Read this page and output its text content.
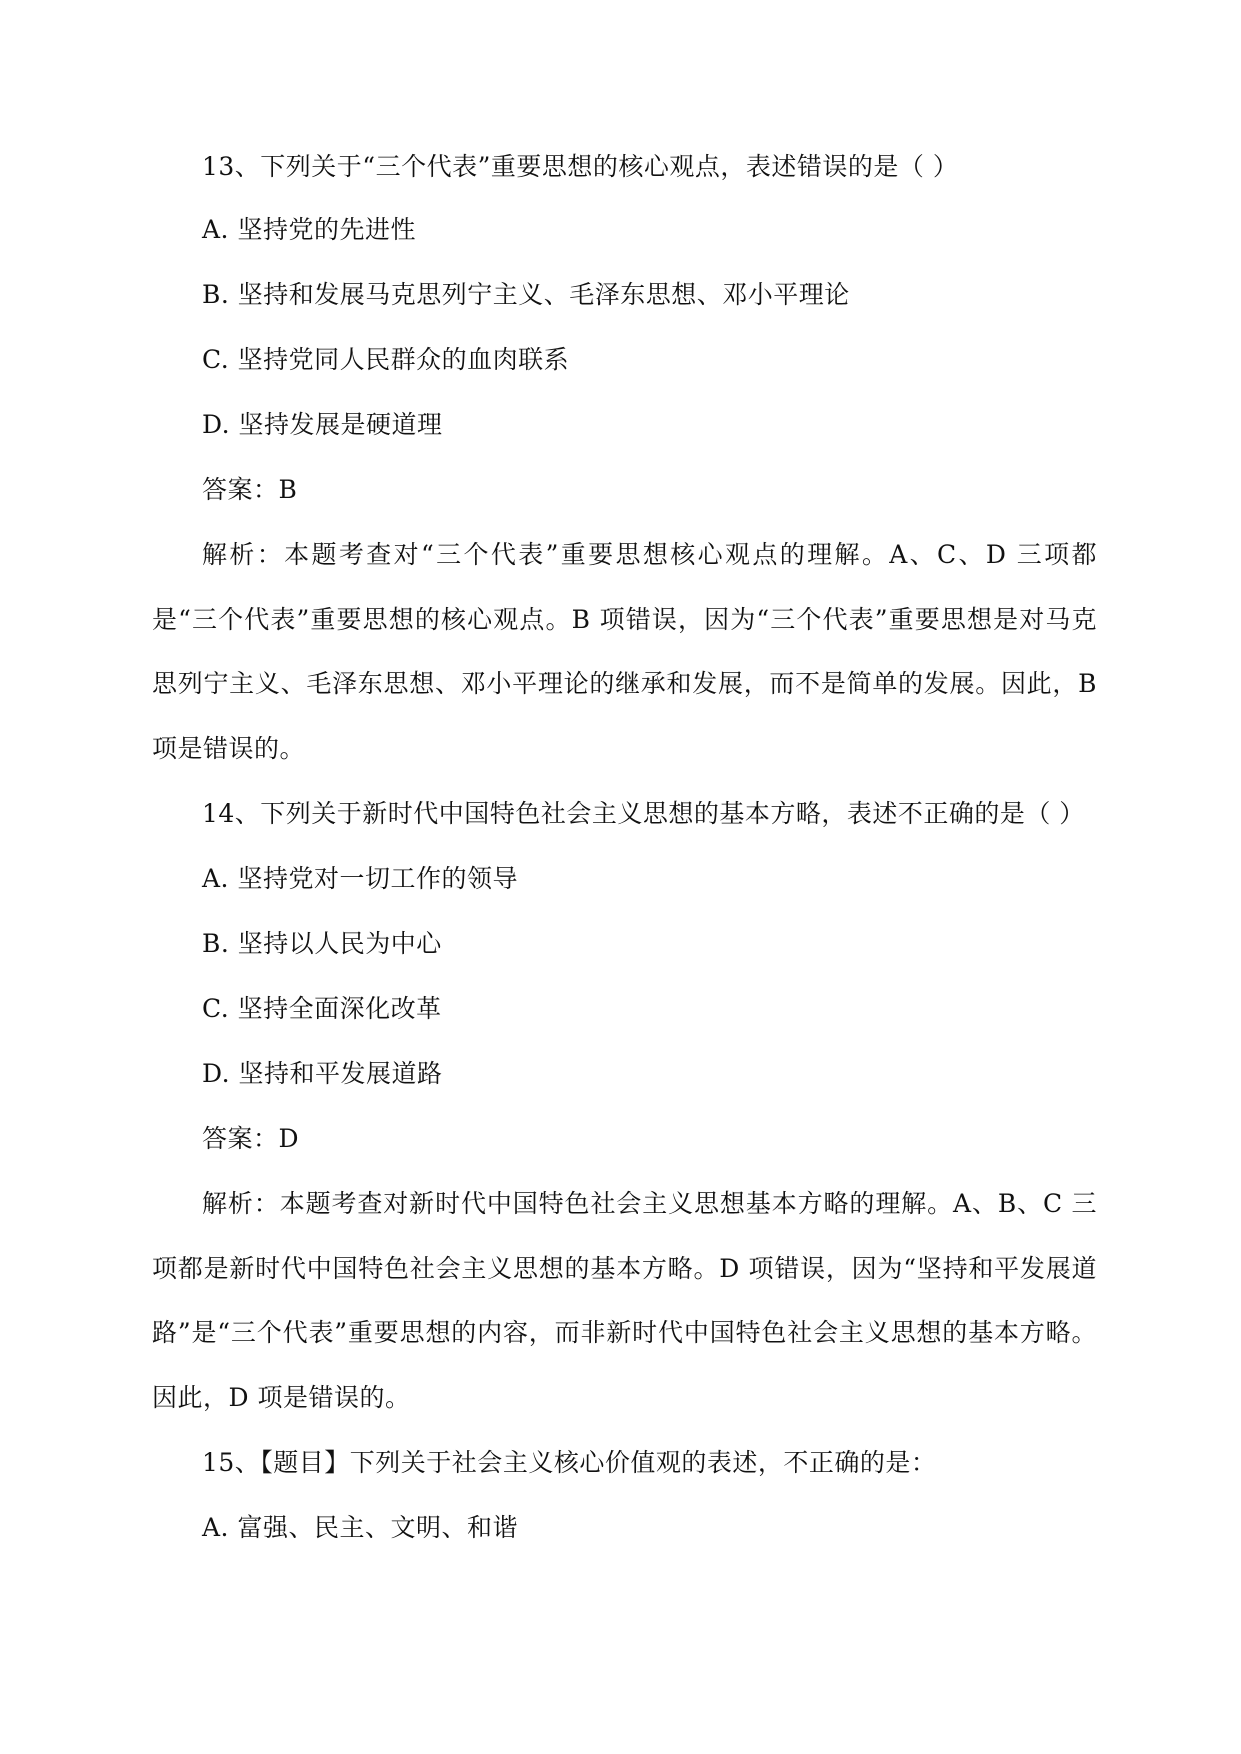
13、下列关于“三个代表”重要思想的核心观点，表述错误的是（ ）
A. 坚持党的先进性
B. 坚持和发展马克思列宁主义、毛泽东思想、邓小平理论
C. 坚持党同人民群众的血肉联系
D. 坚持发展是硬道理
答案：B
解析：本题考查对“三个代表”重要思想核心观点的理解。A、C、D 三项都是“三个代表”重要思想的核心观点。B 项错误，因为“三个代表”重要思想是对马克思列宁主义、毛泽东思想、邓小平理论的继承和发展，而不是简单的发展。因此，B 项是错误的。
14、下列关于新时代中国特色社会主义思想的基本方略，表述不正确的是（ ）
A. 坚持党对一切工作的领导
B. 坚持以人民为中心
C. 坚持全面深化改革
D. 坚持和平发展道路
答案：D
解析：本题考查对新时代中国特色社会主义思想基本方略的理解。A、B、C 三项都是新时代中国特色社会主义思想的基本方略。D 项错误，因为“坚持和平发展道路”是“三个代表”重要思想的内容，而非新时代中国特色社会主义思想的基本方略。因此，D 项是错误的。
15、【题目】下列关于社会主义核心价值观的表述，不正确的是：
A. 富强、民主、文明、和谐
